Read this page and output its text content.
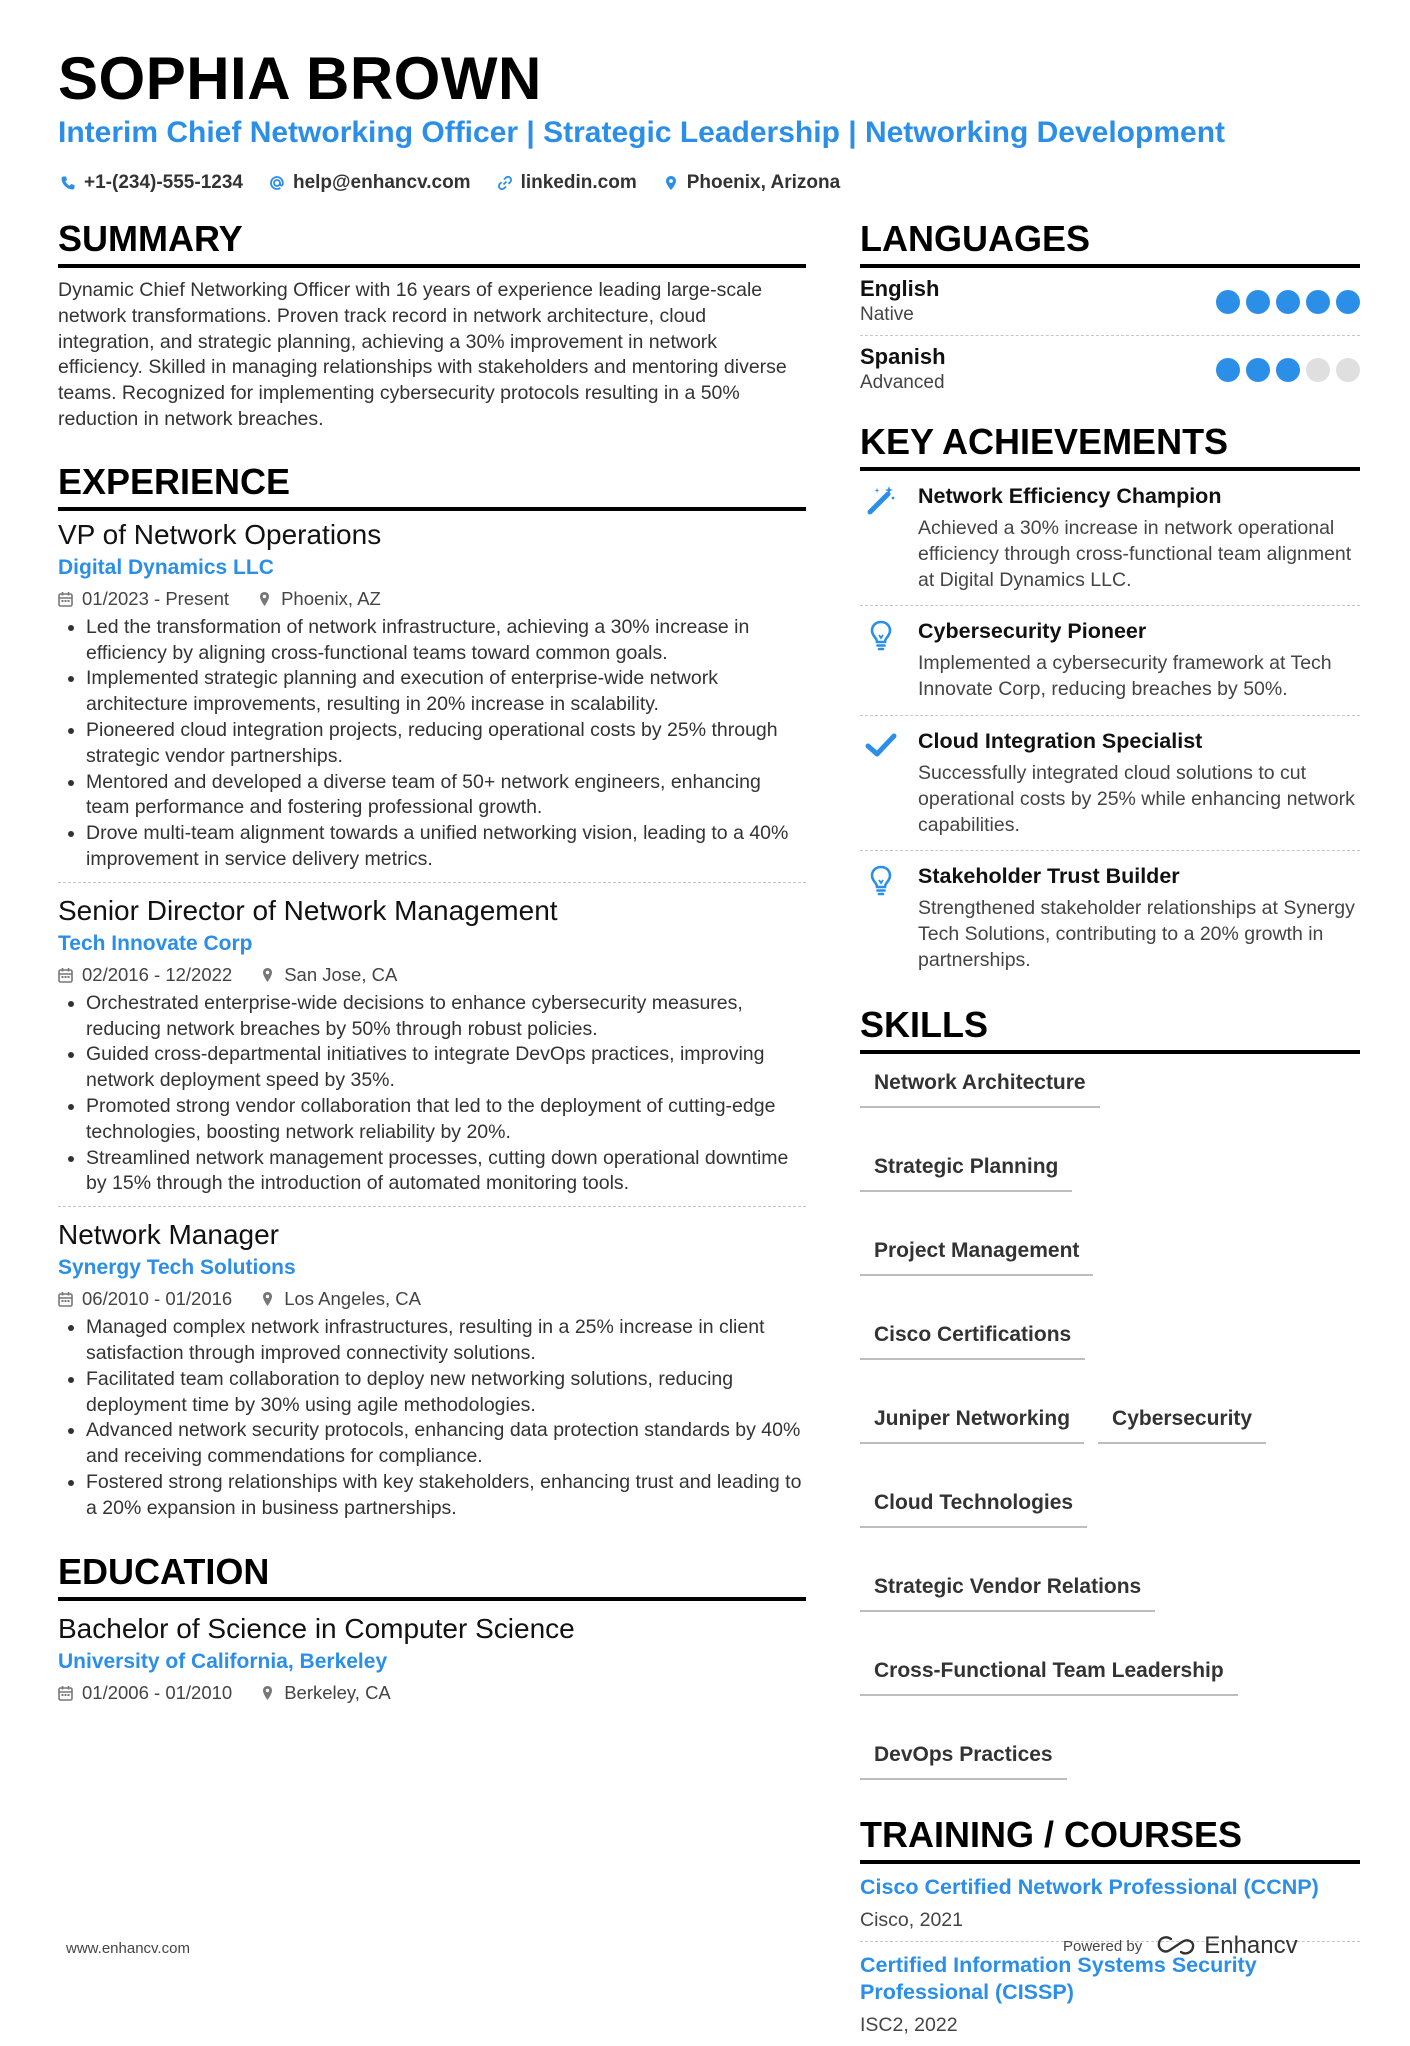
SOPHIA BROWN
Interim Chief Networking Officer | Strategic Leadership | Networking Development
+1-(234)-555-1234	help@enhancv.com	linkedin.com	Phoenix, Arizona
SUMMARY
Dynamic Chief Networking Officer with 16 years of experience leading large-scale network transformations. Proven track record in network architecture, cloud integration, and strategic planning, achieving a 30% improvement in network efficiency. Skilled in managing relationships with stakeholders and mentoring diverse teams. Recognized for implementing cybersecurity protocols resulting in a 50% reduction in network breaches.
EXPERIENCE
VP of Network Operations
Digital Dynamics LLC
01/2023 - Present	Phoenix, AZ
• Led the transformation of network infrastructure, achieving a 30% increase in efficiency by aligning cross-functional teams toward common goals.
• Implemented strategic planning and execution of enterprise-wide network architecture improvements, resulting in 20% increase in scalability.
• Pioneered cloud integration projects, reducing operational costs by 25% through strategic vendor partnerships.
• Mentored and developed a diverse team of 50+ network engineers, enhancing team performance and fostering professional growth.
• Drove multi-team alignment towards a unified networking vision, leading to a 40% improvement in service delivery metrics.
Senior Director of Network Management
Tech Innovate Corp
02/2016 - 12/2022	San Jose, CA
• Orchestrated enterprise-wide decisions to enhance cybersecurity measures, reducing network breaches by 50% through robust policies.
• Guided cross-departmental initiatives to integrate DevOps practices, improving network deployment speed by 35%.
• Promoted strong vendor collaboration that led to the deployment of cutting-edge technologies, boosting network reliability by 20%.
• Streamlined network management processes, cutting down operational downtime by 15% through the introduction of automated monitoring tools.
Network Manager
Synergy Tech Solutions
06/2010 - 01/2016	Los Angeles, CA
• Managed complex network infrastructures, resulting in a 25% increase in client satisfaction through improved connectivity solutions.
• Facilitated team collaboration to deploy new networking solutions, reducing deployment time by 30% using agile methodologies.
• Advanced network security protocols, enhancing data protection standards by 40% and receiving commendations for compliance.
• Fostered strong relationships with key stakeholders, enhancing trust and leading to a 20% expansion in business partnerships.
EDUCATION
Bachelor of Science in Computer Science
University of California, Berkeley
01/2006 - 01/2010	Berkeley, CA
LANGUAGES
English
Native
Spanish
Advanced
KEY ACHIEVEMENTS
Network Efficiency Champion
Achieved a 30% increase in network operational efficiency through cross-functional team alignment at Digital Dynamics LLC.
Cybersecurity Pioneer
Implemented a cybersecurity framework at Tech Innovate Corp, reducing breaches by 50%.
Cloud Integration Specialist
Successfully integrated cloud solutions to cut operational costs by 25% while enhancing network capabilities.
Stakeholder Trust Builder
Strengthened stakeholder relationships at Synergy Tech Solutions, contributing to a 20% growth in partnerships.
SKILLS
Network Architecture
Strategic Planning
Project Management
Cisco Certifications
Juniper Networking	Cybersecurity
Cloud Technologies
Strategic Vendor Relations
Cross-Functional Team Leadership
DevOps Practices
TRAINING / COURSES
Cisco Certified Network Professional (CCNP)
Cisco, 2021
Certified Information Systems Security Professional (CISSP)
ISC2, 2022
www.enhancv.com	Powered by	Enhancv
